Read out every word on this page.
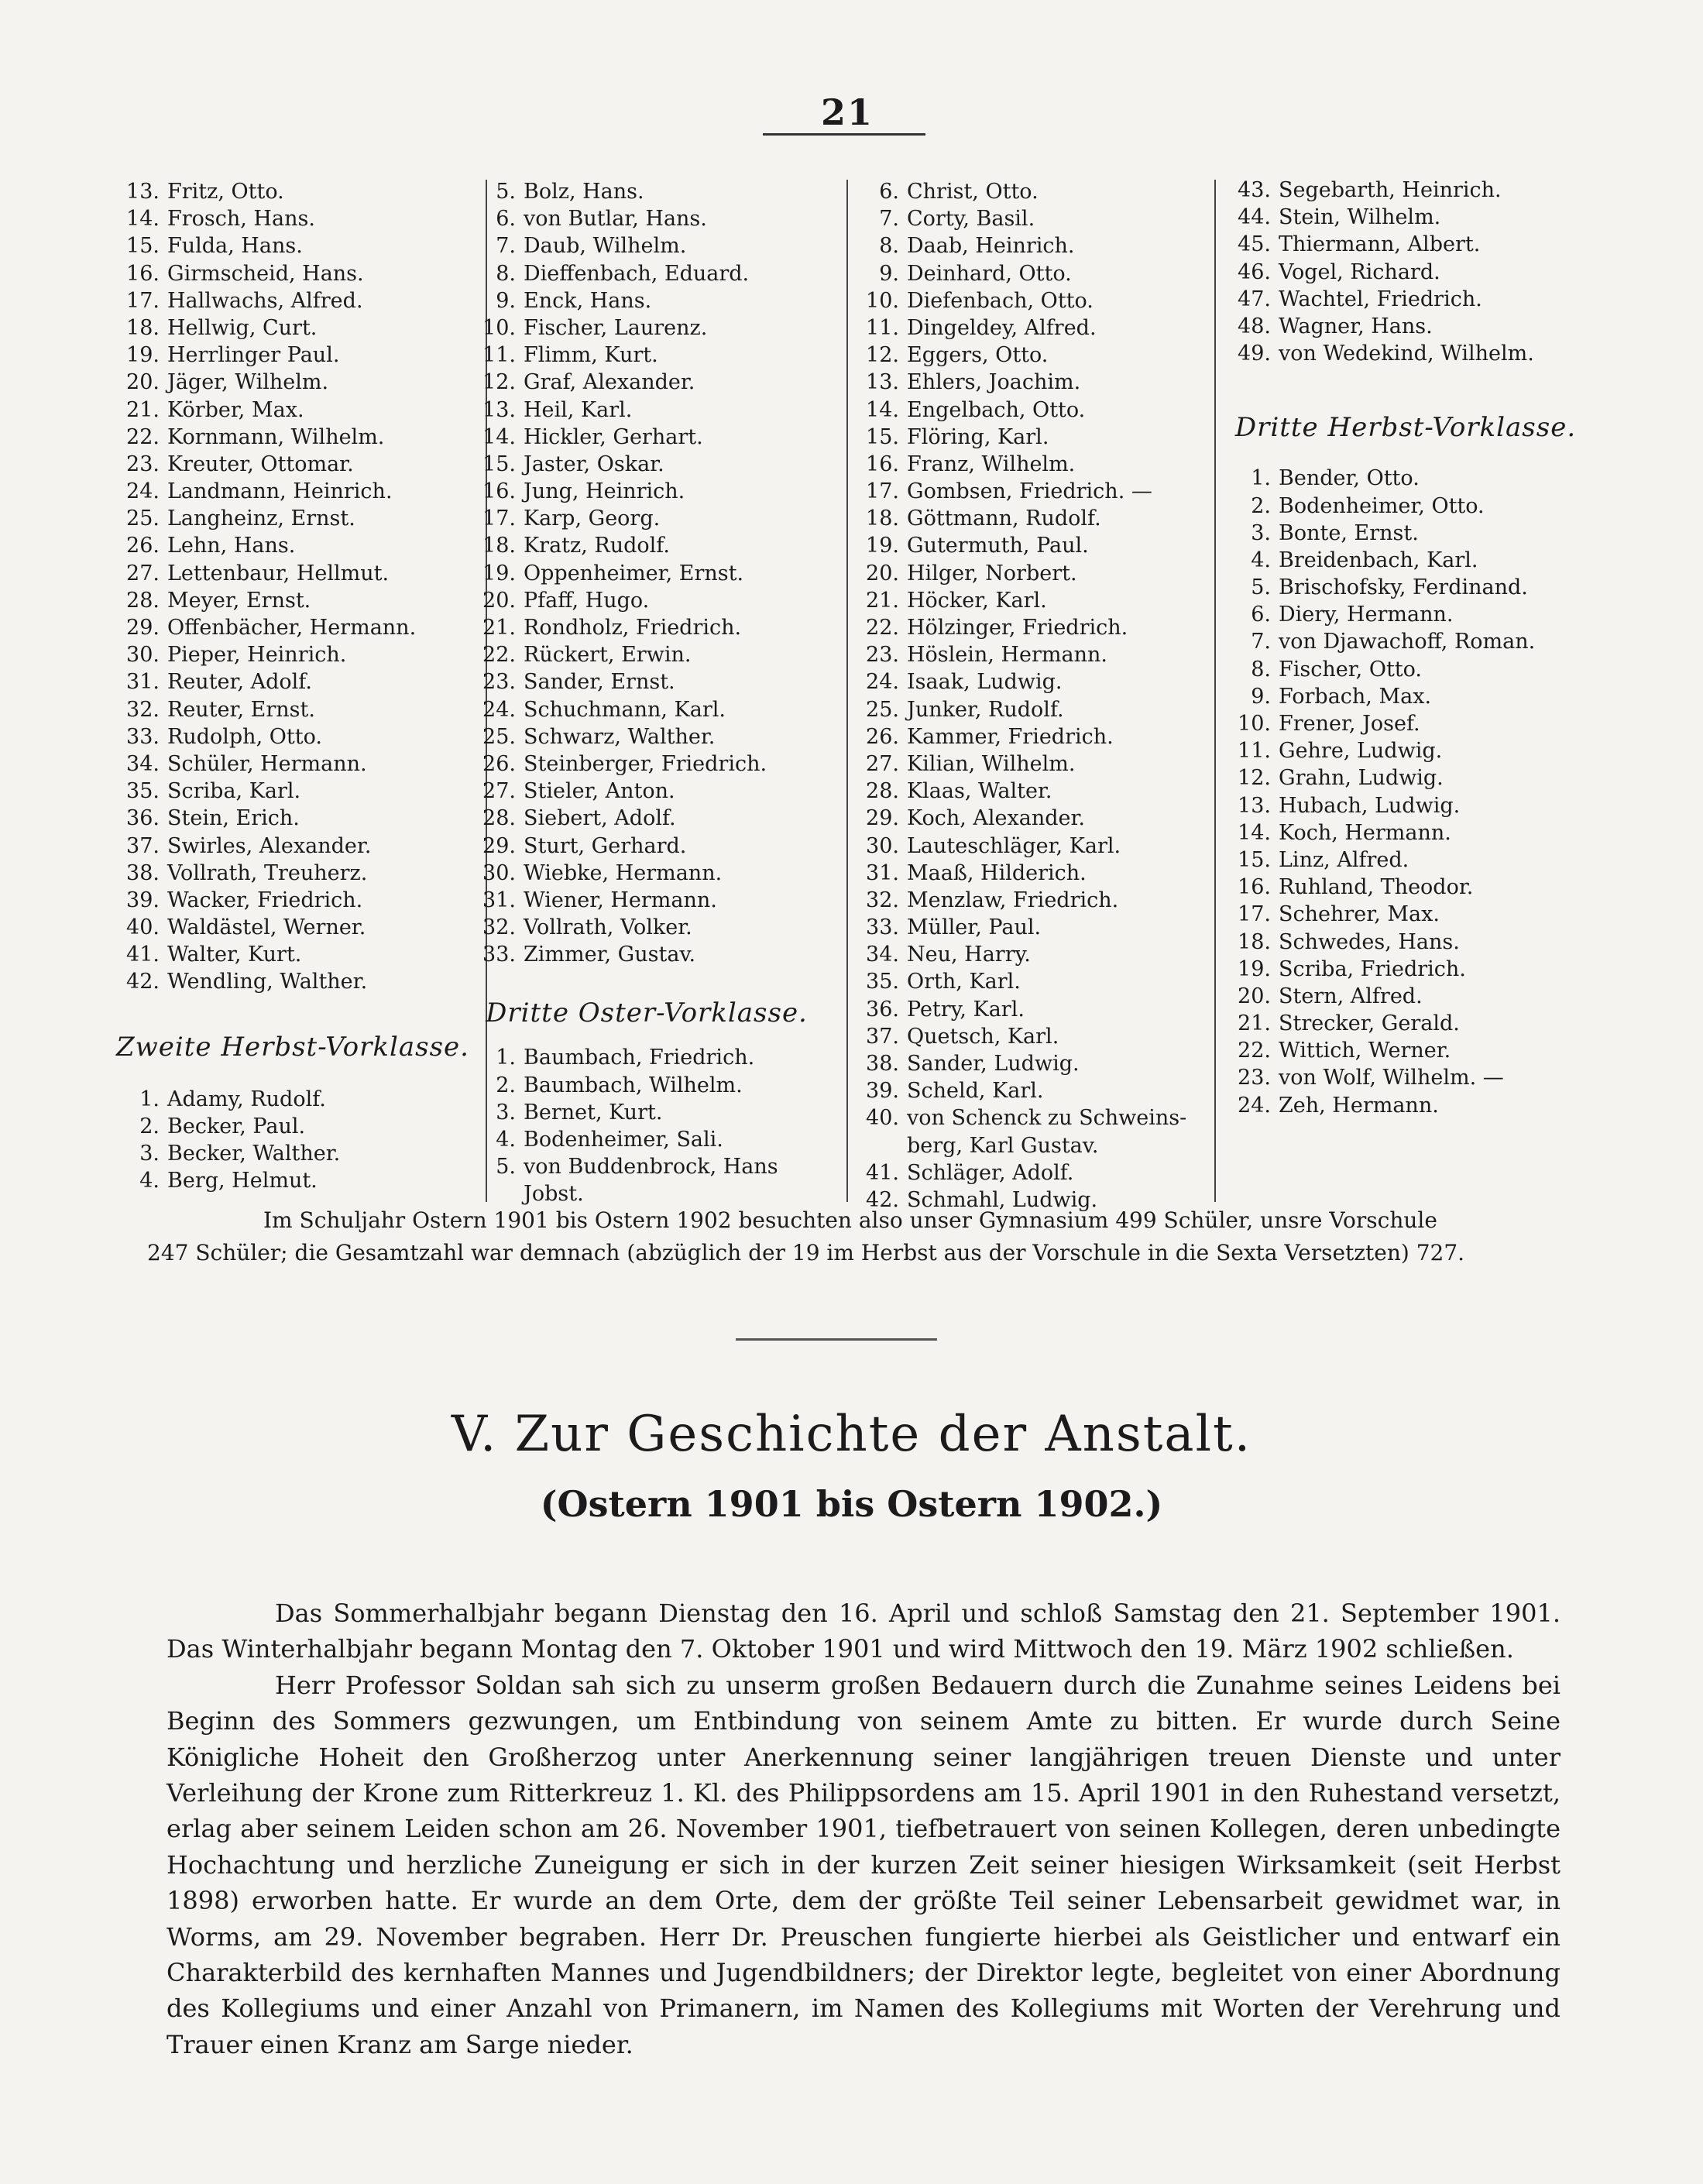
21
13. Fritz, Otto.
14. Frosch, Hans.
15. Fulda, Hans.
16. Girmscheid, Hans.
17. Hallwachs, Alfred.
18. Hellwig, Curt.
19. Herrlinger Paul.
20. Jäger, Wilhelm.
21. Körber, Max.
22. Kornmann, Wilhelm.
23. Kreuter, Ottomar.
24. Landmann, Heinrich.
25. Langheinz, Ernst.
26. Lehn, Hans.
27. Lettenbaur, Hellmut.
28. Meyer, Ernst.
29. Offenbächer, Hermann.
30. Pieper, Heinrich.
31. Reuter, Adolf.
32. Reuter, Ernst.
33. Rudolph, Otto.
34. Schüler, Hermann.
35. Scriba, Karl.
36. Stein, Erich.
37. Swirles, Alexander.
38. Vollrath, Treuherz.
39. Wacker, Friedrich.
40. Waldästel, Werner.
41. Walter, Kurt.
42. Wendling, Walther.
Zweite Herbst-Vorklasse.
1. Adamy, Rudolf.
2. Becker, Paul.
3. Becker, Walther.
4. Berg, Helmut.
5. Bolz, Hans.
6. von Butlar, Hans.
7. Daub, Wilhelm.
8. Dieffenbach, Eduard.
9. Enck, Hans.
10. Fischer, Laurenz.
11. Flimm, Kurt.
12. Graf, Alexander.
13. Heil, Karl.
14. Hickler, Gerhart.
15. Jaster, Oskar.
16. Jung, Heinrich.
17. Karp, Georg.
18. Kratz, Rudolf.
19. Oppenheimer, Ernst.
20. Pfaff, Hugo.
21. Rondholz, Friedrich.
22. Rückert, Erwin.
23. Sander, Ernst.
24. Schuchmann, Karl.
25. Schwarz, Walther.
26. Steinberger, Friedrich.
27. Stieler, Anton.
28. Siebert, Adolf.
29. Sturt, Gerhard.
30. Wiebke, Hermann.
31. Wiener, Hermann.
32. Vollrath, Volker.
33. Zimmer, Gustav.
Dritte Oster-Vorklasse.
1. Baumbach, Friedrich.
2. Baumbach, Wilhelm.
3. Bernet, Kurt.
4. Bodenheimer, Sali.
5. von Buddenbrock, Hans
Jobst.
6. Christ, Otto.
7. Corty, Basil.
8. Daab, Heinrich.
9. Deinhard, Otto.
10. Diefenbach, Otto.
11. Dingeldey, Alfred.
12. Eggers, Otto.
13. Ehlers, Joachim.
14. Engelbach, Otto.
15. Flöring, Karl.
16. Franz, Wilhelm.
17. Gombsen, Friedrich. —
18. Göttmann, Rudolf.
19. Gutermuth, Paul.
20. Hilger, Norbert.
21. Höcker, Karl.
22. Hölzinger, Friedrich.
23. Höslein, Hermann.
24. Isaak, Ludwig.
25. Junker, Rudolf.
26. Kammer, Friedrich.
27. Kilian, Wilhelm.
28. Klaas, Walter.
29. Koch, Alexander.
30. Lauteschläger, Karl.
31. Maaß, Hilderich.
32. Menzlaw, Friedrich.
33. Müller, Paul.
34. Neu, Harry.
35. Orth, Karl.
36. Petry, Karl.
37. Quetsch, Karl.
38. Sander, Ludwig.
39. Scheld, Karl.
40. von Schenck zu Schweins-
berg, Karl Gustav.
41. Schläger, Adolf.
42. Schmahl, Ludwig.
43. Segebarth, Heinrich.
44. Stein, Wilhelm.
45. Thiermann, Albert.
46. Vogel, Richard.
47. Wachtel, Friedrich.
48. Wagner, Hans.
49. von Wedekind, Wilhelm.
Dritte Herbst-Vorklasse.
1. Bender, Otto.
2. Bodenheimer, Otto.
3. Bonte, Ernst.
4. Breidenbach, Karl.
5. Brischofsky, Ferdinand.
6. Diery, Hermann.
7. von Djawachoff, Roman.
8. Fischer, Otto.
9. Forbach, Max.
10. Frener, Josef.
11. Gehre, Ludwig.
12. Grahn, Ludwig.
13. Hubach, Ludwig.
14. Koch, Hermann.
15. Linz, Alfred.
16. Ruhland, Theodor.
17. Schehrer, Max.
18. Schwedes, Hans.
19. Scriba, Friedrich.
20. Stern, Alfred.
21. Strecker, Gerald.
22. Wittich, Werner.
23. von Wolf, Wilhelm. —
24. Zeh, Hermann.

Im Schuljahr Ostern 1901 bis Ostern 1902 besuchten also unser Gymnasium 499 Schüler, unsre Vorschule

247 Schüler; die Gesamtzahl war demnach (abzüglich der 19 im Herbst aus der Vorschule in die Sexta Versetzten) 727.

V. Zur Geschichte der Anstalt.
(Ostern 1901 bis Ostern 1902.)

Das Sommerhalbjahr begann Dienstag den 16. April und schloß Samstag den 21. September 1901. Das Winterhalbjahr begann Montag den 7. Oktober 1901 und wird Mittwoch den 19. März 1902 schließen.

Herr Professor Soldan sah sich zu unserm großen Bedauern durch die Zunahme seines Leidens bei Beginn des Sommers gezwungen, um Entbindung von seinem Amte zu bitten. Er wurde durch Seine Königliche Hoheit den Großherzog unter Anerkennung seiner langjährigen treuen Dienste und unter Verleihung der Krone zum Ritterkreuz 1. Kl. des Philippsordens am 15. April 1901 in den Ruhestand versetzt, erlag aber seinem Leiden schon am 26. November 1901, tiefbetrauert von seinen Kollegen, deren unbedingte Hochachtung und herzliche Zuneigung er sich in der kurzen Zeit seiner hiesigen Wirksamkeit (seit Herbst 1898) erworben hatte. Er wurde an dem Orte, dem der größte Teil seiner Lebensarbeit gewidmet war, in Worms, am 29. November begraben. Herr Dr. Preuschen fungierte hierbei als Geistlicher und entwarf ein Charakterbild des kernhaften Mannes und Jugendbildners; der Direktor legte, begleitet von einer Abordnung des Kollegiums und einer Anzahl von Primanern, im Namen des Kollegiums mit Worten der Verehrung und Trauer einen Kranz am Sarge nieder.
